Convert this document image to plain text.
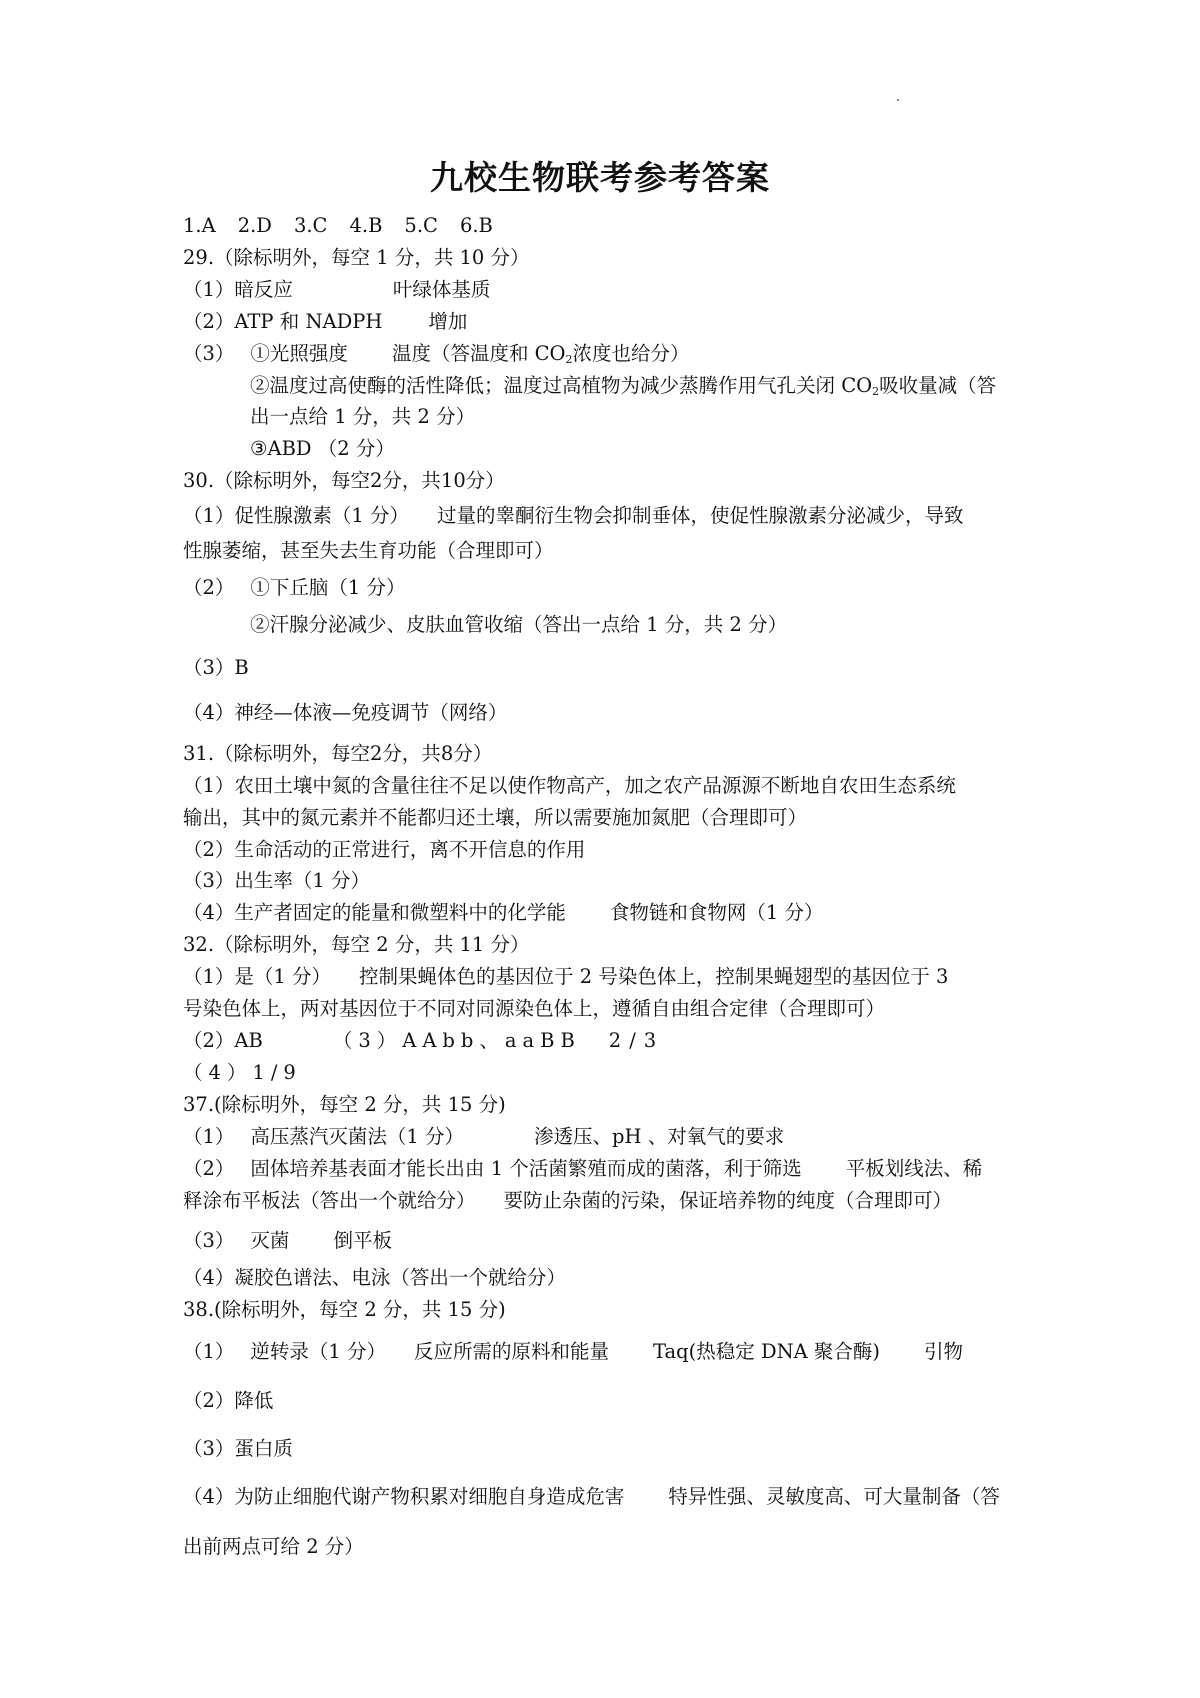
九校生物联考参考答案
1.A 2.D 3.C 4.B 5.C 6.B
29.（除标明外，每空 1 分，共 10 分）
（1）暗反应	叶绿体基质
（2）ATP 和 NADPH 增加
（3） ①光照强度 温度（答温度和 $CO_2$浓度也给分）
②温度过高使酶的活性降低；温度过高植物为减少蒸腾作用气孔关闭 $CO_2$吸收量减（答
出一点给 1 分，共 2 分）
③ABD （2 分）
30.（除标明外，每空2分，共10分）
（1）促性腺激素（1 分） 过量的睾酮衍生物会抑制垂体，使促性腺激素分泌减少，导致
性腺萎缩，甚至失去生育功能（合理即可）
（2） ①下丘脑（1 分）
②汗腺分泌减少、皮肤血管收缩（答出一点给 1 分，共 2 分）
（3）B
（4）神经—体液—免疫调节（网络）
31.（除标明外，每空2分，共8分）
（1）农田土壤中氮的含量往往不足以使作物高产，加之农产品源源不断地自农田生态系统
输出，其中的氮元素并不能都归还土壤，所以需要施加氮肥（合理即可）
（2）生命活动的正常进行，离不开信息的作用
（3）出生率（1 分）
（4）生产者固定的能量和微塑料中的化学能 食物链和食物网（1 分）
32.（除标明外，每空 2 分，共 11 分）
（1）是（1 分） 控制果蝇体色的基因位于 2 号染色体上，控制果蝇翅型的基因位于 3
号染色体上，两对基因位于不同对同源染色体上，遵循自由组合定律（合理即可）
（2）AB	（3）AAbb、aaBB 2/3
（4）1/9
37.(除标明外，每空 2 分，共 15 分)
（1） 高压蒸汽灭菌法（1 分）	渗透压、pH 、对氧气的要求
（2） 固体培养基表面才能长出由 1 个活菌繁殖而成的菌落，利于筛选 平板划线法、稀
释涂布平板法（答出一个就给分） 要防止杂菌的污染，保证培养物的纯度（合理即可）
（3） 灭菌 倒平板
（4）凝胶色谱法、电泳（答出一个就给分）
38.(除标明外，每空 2 分，共 15 分)
（1） 逆转录（1 分） 反应所需的原料和能量 Taq(热稳定 DNA 聚合酶) 引物
（2）降低
（3）蛋白质
（4）为防止细胞代谢产物积累对细胞自身造成危害 特异性强、灵敏度高、可大量制备（答
出前两点可给 2 分）
